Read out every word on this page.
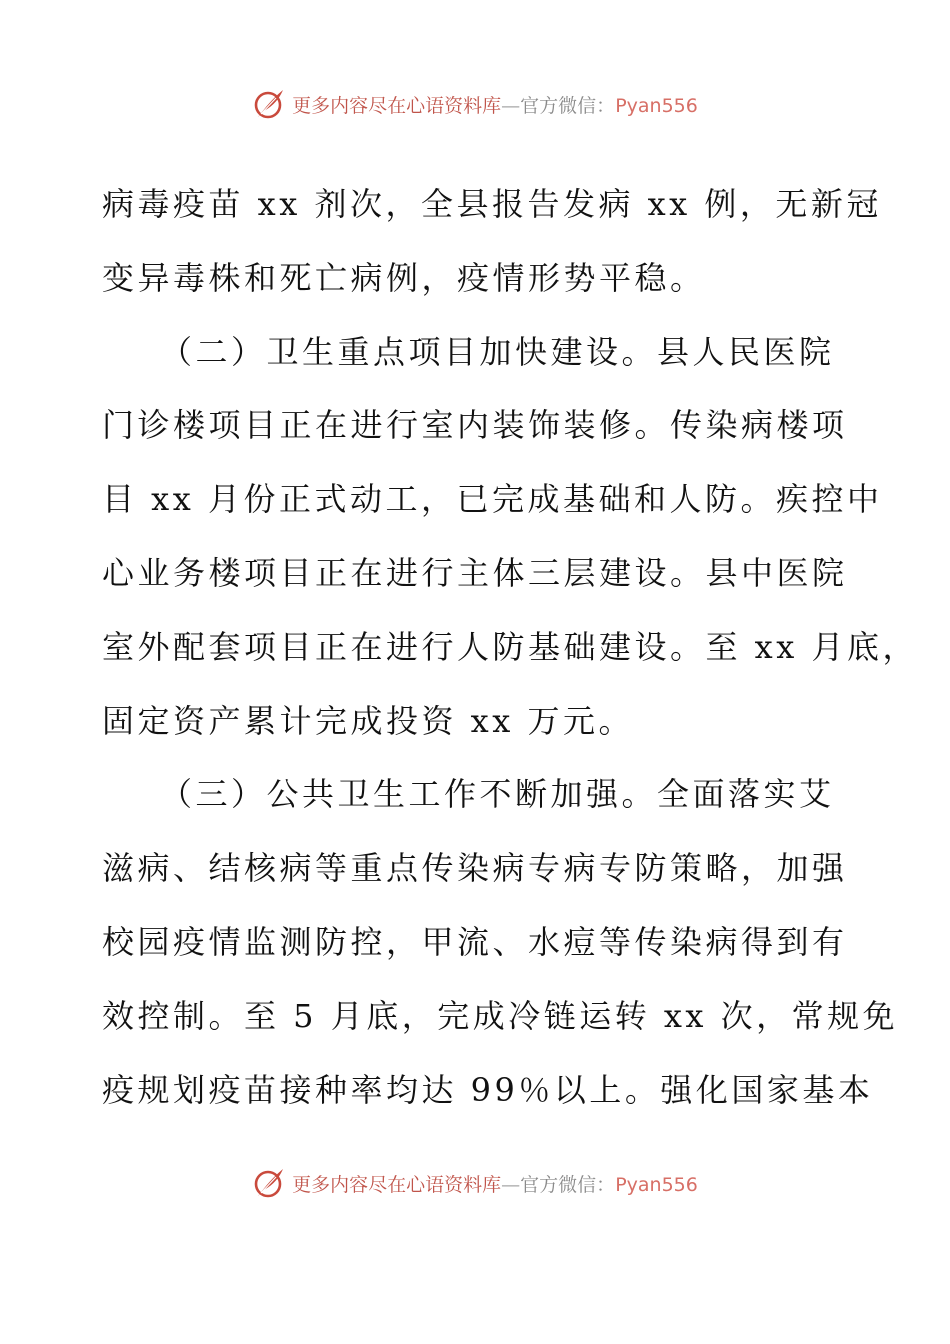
更多内容尽在心语资料库—官方微信：Pyan556
病毒疫苗 xx 剂次，全县报告发病 xx 例，无新冠
变异毒株和死亡病例，疫情形势平稳。
（二）卫生重点项目加快建设。县人民医院
门诊楼项目正在进行室内装饰装修。传染病楼项
目 xx 月份正式动工，已完成基础和人防。疾控中
心业务楼项目正在进行主体三层建设。县中医院
室外配套项目正在进行人防基础建设。至 xx 月底，
固定资产累计完成投资 xx 万元。
（三）公共卫生工作不断加强。全面落实艾
滋病、结核病等重点传染病专病专防策略，加强
校园疫情监测防控，甲流、水痘等传染病得到有
效控制。至 5 月底，完成冷链运转 xx 次，常规免
疫规划疫苗接种率均达 99％以上。强化国家基本
更多内容尽在心语资料库—官方微信：Pyan556
